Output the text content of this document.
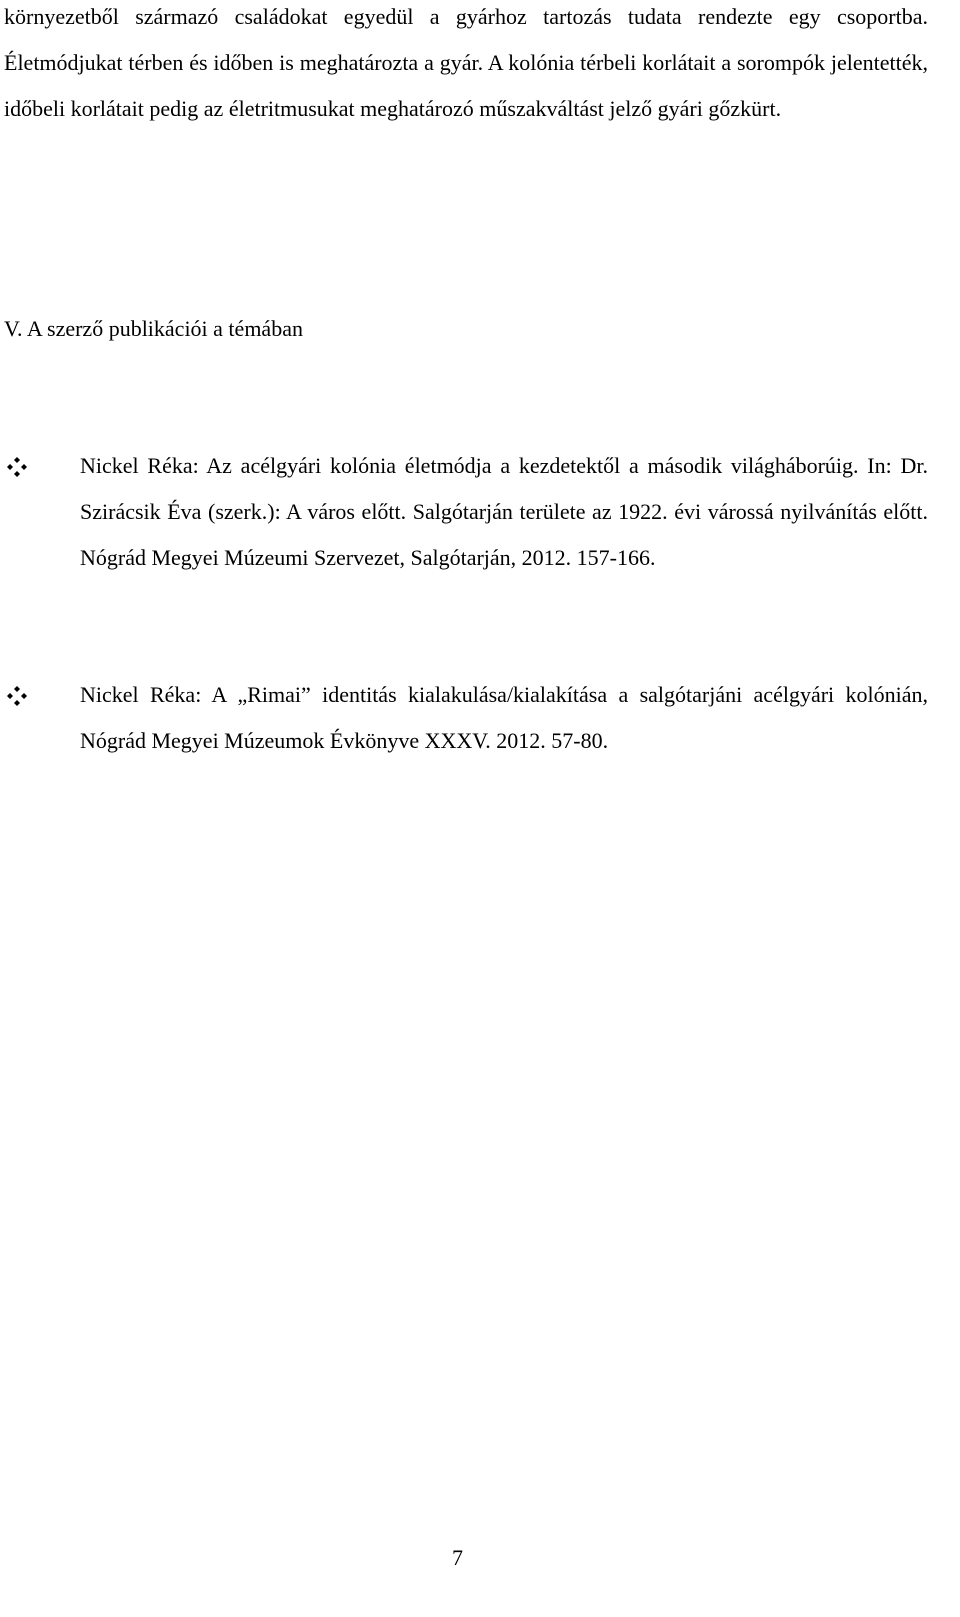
környezetből származó családokat egyedül a gyárhoz tartozás tudata rendezte egy csoportba. Életmódjukat térben és időben is meghatározta a gyár. A kolónia térbeli korlátait a sorompók jelentették, időbeli korlátait pedig az életritmusukat meghatározó műszakváltást jelző gyári gőzkürt.

V. A szerző publikációi a témában
Nickel Réka: Az acélgyári kolónia életmódja a kezdetektől a második világháborúig. In: Dr. Szirácsik Éva (szerk.): A város előtt. Salgótarján területe az 1922. évi várossá nyilvánítás előtt. Nógrád Megyei Múzeumi Szervezet, Salgótarján, 2012. 157-166.
Nickel Réka: A „Rimai” identitás kialakulása/kialakítása a salgótarjáni acélgyári kolónián, Nógrád Megyei Múzeumok Évkönyve XXXV. 2012. 57-80.

7
